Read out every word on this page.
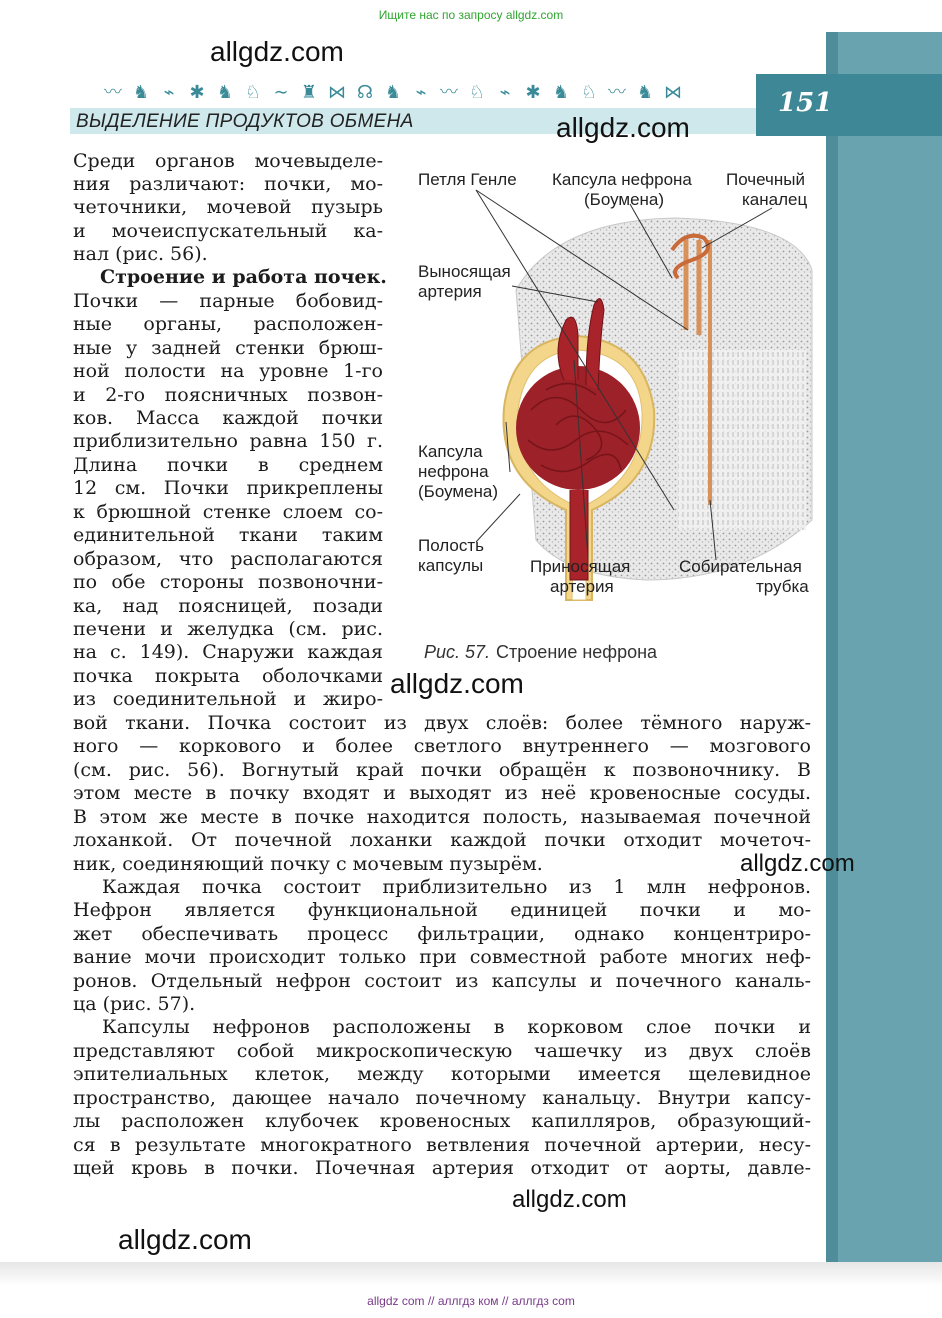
Ищите нас по запросу allgdz.com
〰 ♞ ⌁ ✱ ♞ ♘ ∼ ♜ ⋈ ☊ ♞ ⌁ 〰 ♘ ⌁ ✱ ♞ ♘ 〰 ♞ ⋈
ВЫДЕЛЕНИЕ ПРОДУКТОВ ОБМЕНА
151
allgdz.com
allgdz.com
allgdz.com
allgdz.com
allgdz.com
allgdz.com
Среди органов мочевыделе-
ния различают: почки, мо-
четочники, мочевой пузырь
и мочеиспускательный ка-
нал (рис. 56).
Строение и работа почек.
Почки — парные бобовид-
ные органы, расположен-
ные у задней стенки брюш-
ной полости на уровне 1-го
и 2-го поясничных позвон-
ков. Масса каждой почки
приблизительно равна 150 г.
Длина почки в среднем
12 см. Почки прикреплены
к брюшной стенке слоем со-
единительной ткани таким
образом, что располагаются
по обе стороны позвоночни-
ка, над поясницей, позади
печени и желудка (см. рис.
на с. 149). Снаружи каждая
почка покрыта оболочками
из соединительной и жиро-
Петля Генле Капсула нефрона
(Боумена)
Почечный
каналец
Выносящая
артерия
Капсула
нефрона
(Боумена)
Полость
капсулы	Приносящая
артерия
Собирательная
трубка
Рис. 57. Строение нефрона
вой ткани. Почка состоит из двух слоёв: более тёмного наруж-
ного — коркового и более светлого внутреннего — мозгового
(см. рис. 56). Вогнутый край почки обращён к позвоночнику. В
этом месте в почку входят и выходят из неё кровеносные сосуды.
В этом же месте в почке находится полость, называемая почечной
лоханкой. От почечной лоханки каждой почки отходит мочеточ-
ник, соединяющий почку с мочевым пузырём.
Каждая почка состоит приблизительно из 1 млн нефронов.
Нефрон является функциональной единицей почки и мо-
жет обеспечивать процесс фильтрации, однако концентриро-
вание мочи происходит только при совместной работе многих неф-
ронов. Отдельный нефрон состоит из капсулы и почечного каналь-
ца (рис. 57).
Капсулы нефронов расположены в корковом слое почки и
представляют собой микроскопическую чашечку из двух слоёв
эпителиальных клеток, между которыми имеется щелевидное
пространство, дающее начало почечному канальцу. Внутри капсу-
лы расположен клубочек кровеносных капилляров, образующий-
ся в результате многократного ветвления почечной артерии, несу-
щей кровь в почки. Почечная артерия отходит от аорты, давле-
allgdz com // аллгдз ком // аллгдз com
